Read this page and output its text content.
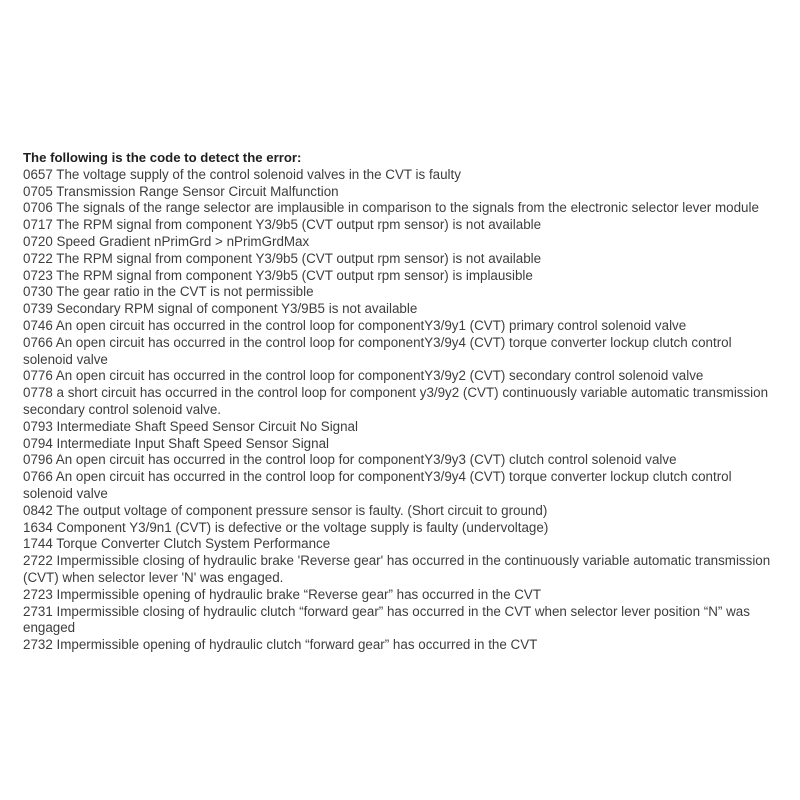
The following is the code to detect the error:

0657 The voltage supply of the control solenoid valves in the CVT is faulty

0705 Transmission Range Sensor Circuit Malfunction

0706 The signals of the range selector are implausible in comparison to the signals from the electronic selector lever module

0717 The RPM signal from component Y3/9b5 (CVT output rpm sensor) is not available

0720 Speed Gradient nPrimGrd > nPrimGrdMax

0722 The RPM signal from component Y3/9b5 (CVT output rpm sensor) is not available

0723 The RPM signal from component Y3/9b5 (CVT output rpm sensor) is implausible

0730 The gear ratio in the CVT is not permissible

0739 Secondary RPM signal of component Y3/9B5 is not available

0746 An open circuit has occurred in the control loop for componentY3/9y1 (CVT) primary control solenoid valve

0766 An open circuit has occurred in the control loop for componentY3/9y4 (CVT) torque converter lockup clutch control solenoid valve

0776 An open circuit has occurred in the control loop for componentY3/9y2 (CVT) secondary control solenoid valve

0778 a short circuit has occurred in the control loop for component y3/9y2 (CVT) continuously variable automatic transmission secondary control solenoid valve.

0793 Intermediate Shaft Speed Sensor Circuit No Signal

0794 Intermediate Input Shaft Speed Sensor Signal

0796 An open circuit has occurred in the control loop for componentY3/9y3 (CVT) clutch control solenoid valve

0766 An open circuit has occurred in the control loop for componentY3/9y4 (CVT) torque converter lockup clutch control solenoid valve

0842 The output voltage of component pressure sensor is faulty. (Short circuit to ground)

1634 Component Y3/9n1 (CVT) is defective or the voltage supply is faulty (undervoltage)

1744 Torque Converter Clutch System Performance

2722 Impermissible closing of hydraulic brake 'Reverse gear' has occurred in the continuously variable automatic transmission (CVT) when selector lever 'N' was engaged.

2723 Impermissible opening of hydraulic brake “Reverse gear” has occurred in the CVT

2731 Impermissible closing of hydraulic clutch “forward gear” has occurred in the CVT when selector lever position “N” was engaged

2732 Impermissible opening of hydraulic clutch “forward gear” has occurred in the CVT
